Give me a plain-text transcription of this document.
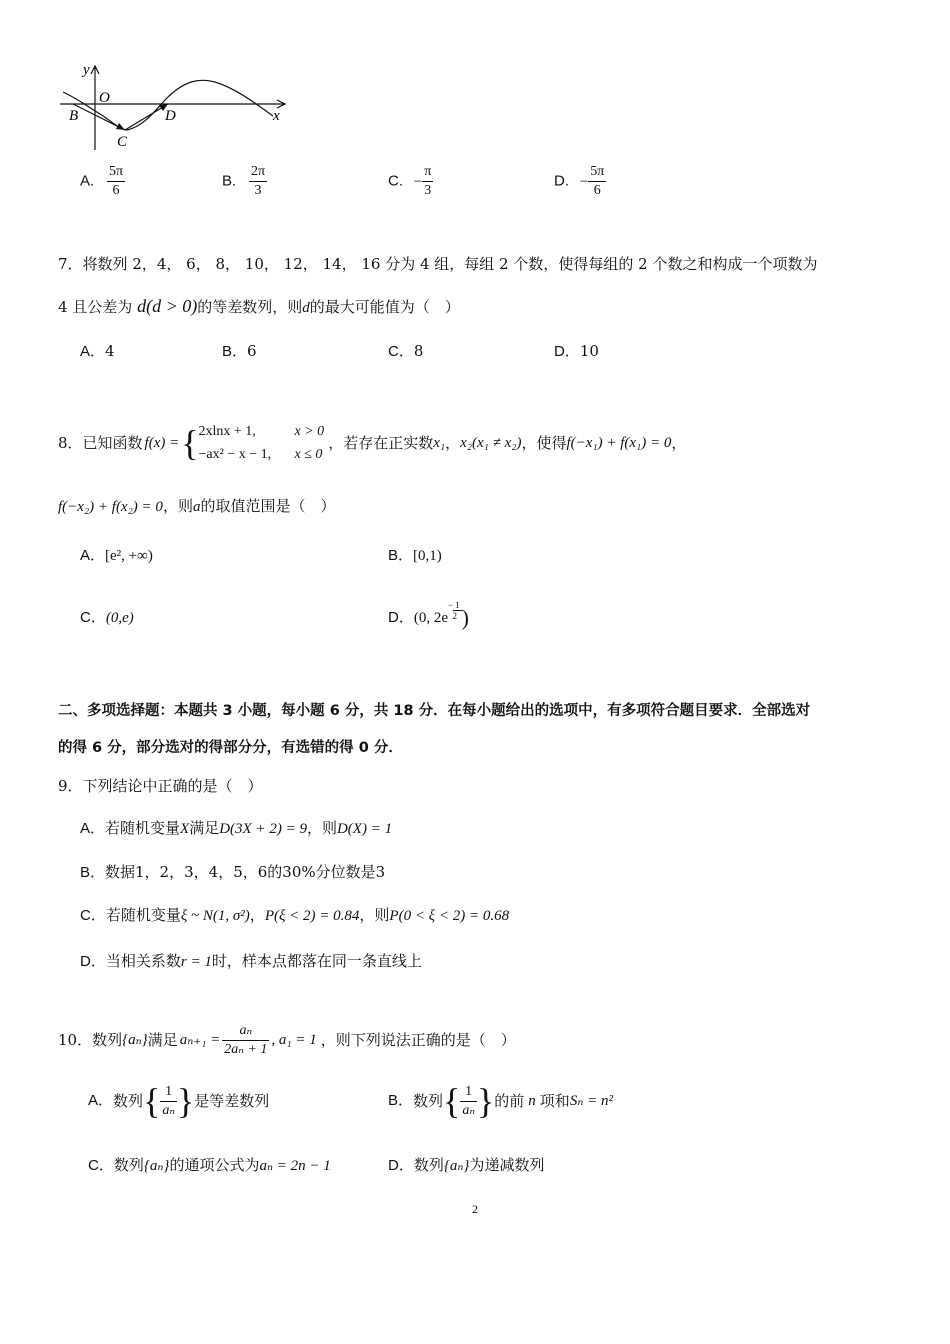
y
O
B
C
D	x
A. $\frac{5\pi}{6}$	B. $\frac{2\pi}{3}$	C. − $\frac{\pi}{3}$	D. − $\frac{5\pi}{6}$
7．将数列 2，4， 6， 8， 10， 12， 14， 16 分为 4 组，每组 2 个数，使得每组的 2 个数之和构成一个项数为
4 且公差为 d(d > 0)的等差数列，则d的最大可能值为（　）
A．4	B．6	C．8	D．10
8．已知函数 f(x) = { 2xlnx + 1,	x > 0
−ax² − x − 1, x ≤ 0
，若存在正实数 x₁ ， x₂(x₁ ≠ x₂) ，使得 f(−x₁) + f(x₁) = 0 ，
f(−x₂) + f(x₂) = 0，则a的取值范围是（　）
A．[e², +∞)	B．[0,1)
C．(0,e)	D． (0, 2e
− 1
2 )
二、多项选择题：本题共 3 小题，每小题 6 分，共 18 分．在每小题给出的选项中，有多项符合题目要求．全部选对
的得 6 分，部分选对的得部分分，有选错的得 0 分．
9．下列结论中正确的是（　）
A．若随机变量X满足D(3X + 2) = 9，则D(X) = 1
B．数据1，2，3，4，5，6的30%分位数是3
C．若随机变量ξ ~ N(1, σ²)，P(ξ < 2) = 0.84，则P(0 < ξ < 2) = 0.68
D．当相关系数r = 1时，样本点都落在同一条直线上
10．数列 {aₙ} 满足 $a_{n+1} = \frac{\text{aₙ}}{\text{2aₙ + 1}}$ , a₁ = 1 ，则下列说法正确的是（　）
A． 数列 { $\frac{1}{\text{aₙ}}$ } 是等差数列	B． 数列 { $\frac{1}{\text{aₙ}}$ } 的前 n 项和 Sₙ = n²
C．数列{aₙ}的通项公式为aₙ = 2n − 1	D．数列{aₙ}为递减数列
2
